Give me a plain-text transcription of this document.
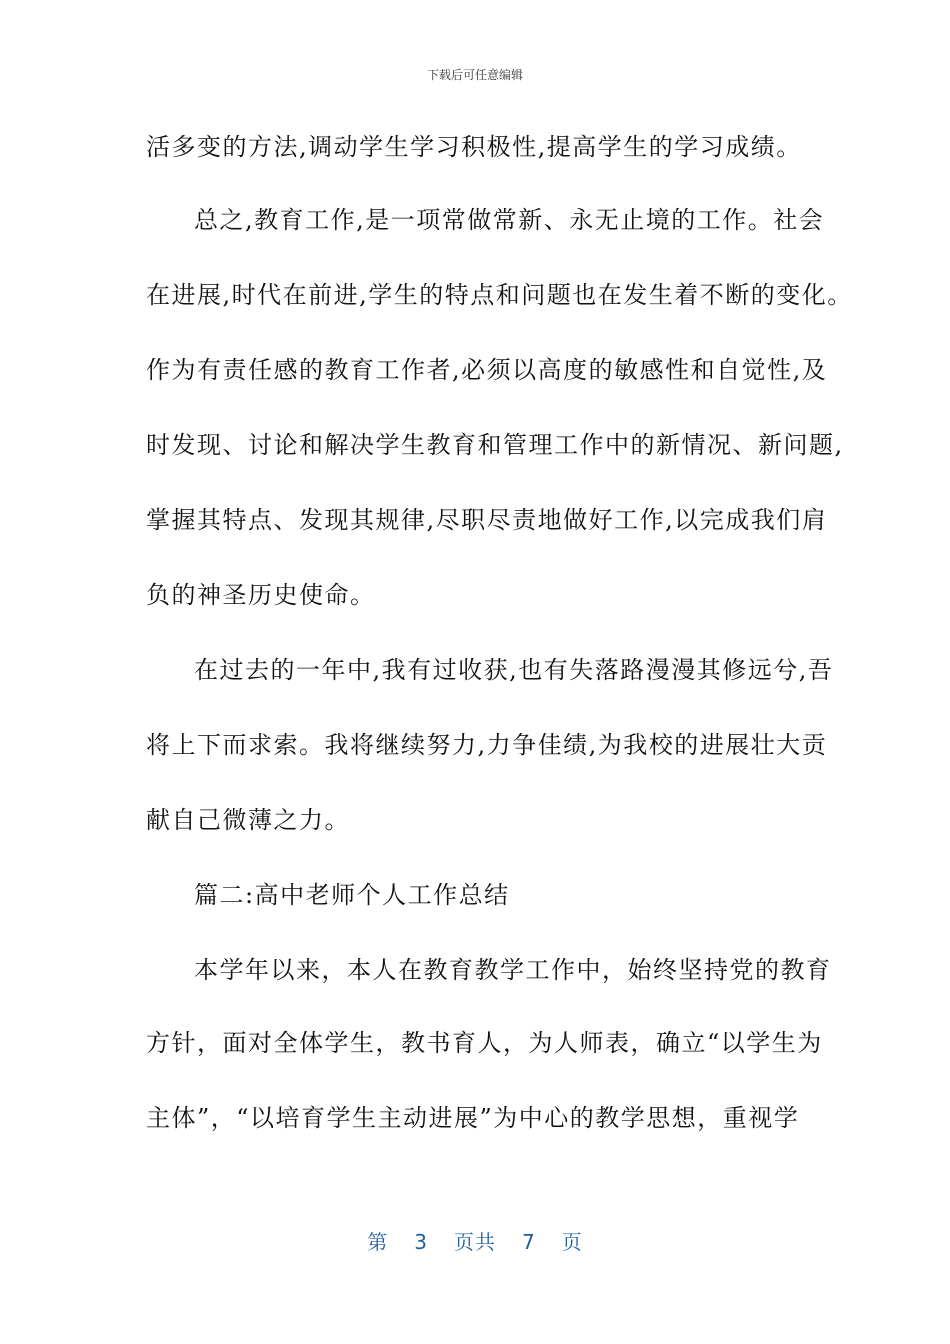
下载后可任意编辑
活多变的方法,调动学生学习积极性,提高学生的学习成绩。
总之,教育工作,是一项常做常新、永无止境的工作。社会
在进展,时代在前进,学生的特点和问题也在发生着不断的变化。
作为有责任感的教育工作者,必须以高度的敏感性和自觉性,及
时发现、讨论和解决学生教育和管理工作中的新情况、新问题,
掌握其特点、发现其规律,尽职尽责地做好工作,以完成我们肩
负的神圣历史使命。
在过去的一年中,我有过收获,也有失落路漫漫其修远兮,吾
将上下而求索。我将继续努力,力争佳绩,为我校的进展壮大贡
献自己微薄之力。
篇二:高中老师个人工作总结
本学年以来，本人在教育教学工作中，始终坚持党的教育
方针，面对全体学生，教书育人，为人师表，确立“以学生为
主体”，“以培育学生主动进展”为中心的教学思想，重视学
第 3 页共 7 页
